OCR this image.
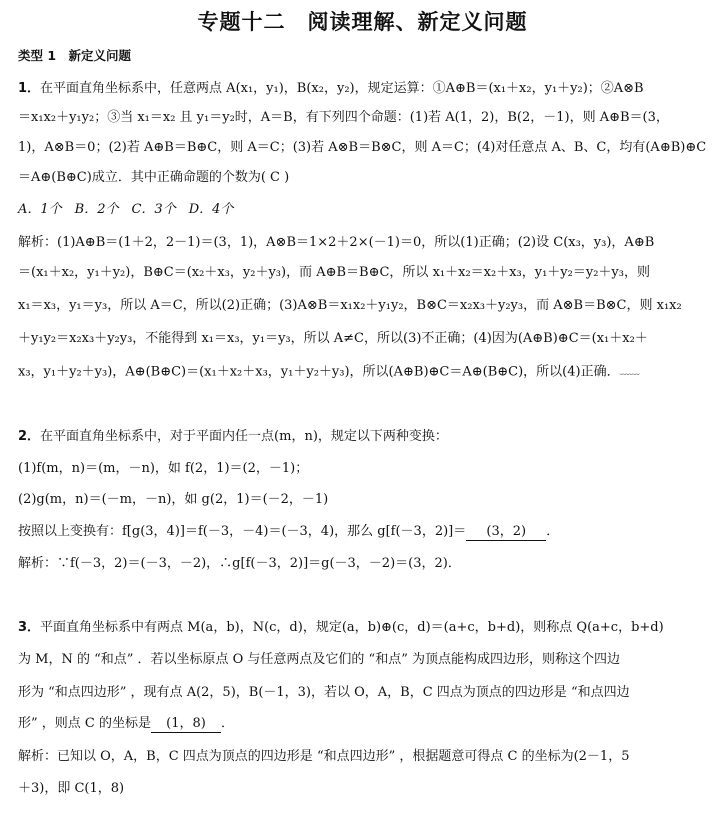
专题十二　阅读理解、新定义问题
类型 1　新定义问题
1．在平面直角坐标系中，任意两点 A(x₁，y₁)，B(x₂，y₂)，规定运算：①A⊕B＝(x₁＋x₂，y₁＋y₂)；②A⊗B
＝x₁x₂＋y₁y₂；③当 x₁＝x₂ 且 y₁＝y₂时，A＝B，有下列四个命题：(1)若 A(1，2)，B(2，－1)，则 A⊕B＝(3，
1)，A⊗B＝0；(2)若 A⊕B＝B⊕C，则 A＝C；(3)若 A⊗B＝B⊗C，则 A＝C；(4)对任意点 A、B、C，均有(A⊕B)⊕C
＝A⊕(B⊕C)成立．其中正确命题的个数为( C )
A．1个　B．2个　C．3个　D．4个
解析：(1)A⊕B＝(1＋2，2－1)＝(3，1)，A⊗B＝1×2＋2×(－1)＝0，所以(1)正确；(2)设 C(x₃，y₃)，A⊕B
＝(x₁＋x₂，y₁＋y₂)，B⊕C＝(x₂＋x₃，y₂＋y₃)，而 A⊕B＝B⊕C，所以 x₁＋x₂＝x₂＋x₃，y₁＋y₂＝y₂＋y₃，则
x₁＝x₃，y₁＝y₃，所以 A＝C，所以(2)正确；(3)A⊗B＝x₁x₂＋y₁y₂，B⊗C＝x₂x₃＋y₂y₃，而 A⊗B＝B⊗C，则 x₁x₂
＋y₁y₂＝x₂x₃＋y₂y₃，不能得到 x₁＝x₃，y₁＝y₃，所以 A≠C，所以(3)不正确；(4)因为(A⊕B)⊕C＝(x₁＋x₂＋
x₃，y₁＋y₂＋y₃)，A⊕(B⊕C)＝(x₁＋x₂＋x₃，y₁＋y₂＋y₃)，所以(A⊕B)⊕C＝A⊕(B⊕C)，所以(4)正确．﹏﹏
2．在平面直角坐标系中，对于平面内任一点(m，n)，规定以下两种变换：
(1)f(m，n)＝(m，－n)，如 f(2，1)＝(2，－1)；
(2)g(m，n)＝(－m，－n)，如 g(2，1)＝(－2，－1)
按照以上变换有：f[g(3，4)]＝f(－3，－4)＝(－3，4)，那么 g[f(－3，2)]＝ (3，2) ．
解析：∵f(－3，2)＝(－3，－2)，∴g[f(－3，2)]＝g(－3，－2)＝(3，2)．
3．平面直角坐标系中有两点 M(a，b)，N(c，d)，规定(a，b)⊕(c，d)＝(a+c，b+d)，则称点 Q(a+c，b+d)
为 M，N 的 “和点” ．若以坐标原点 O 与任意两点及它们的 “和点” 为顶点能构成四边形，则称这个四边
形为 “和点四边形” ，现有点 A(2，5)，B(－1，3)，若以 O，A，B，C 四点为顶点的四边形是 “和点四边
形” ，则点 C 的坐标是 (1，8) ．
解析：已知以 O，A，B，C 四点为顶点的四边形是 “和点四边形” ，根据题意可得点 C 的坐标为(2－1，5
＋3)，即 C(1，8)
